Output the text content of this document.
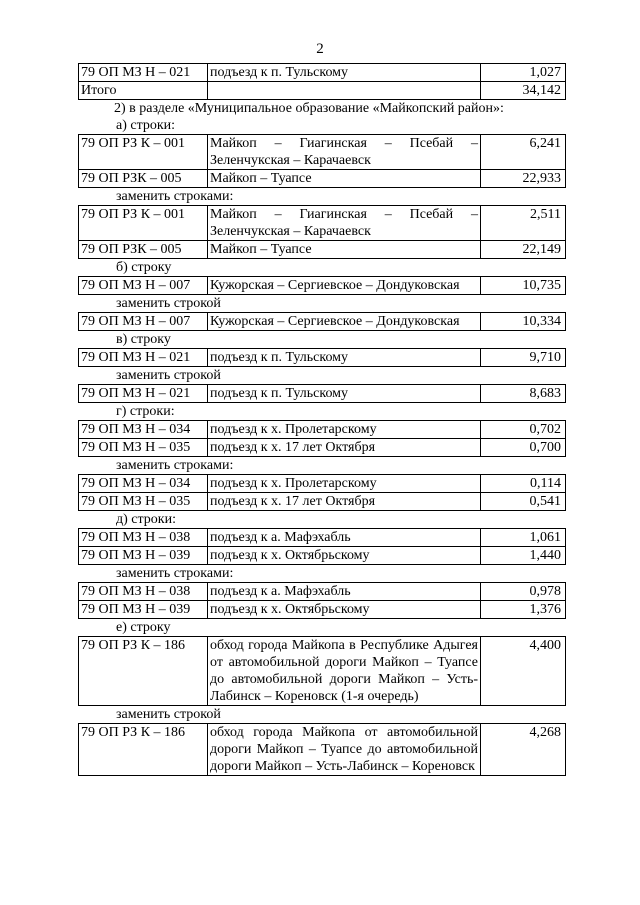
2
79 ОП МЗ Н – 021	подъезд к п. Тульскому	1,027
Итого		34,142
2) в разделе «Муниципальное образование «Майкопский район»:
а) строки:
79 ОП РЗ К – 001	Майкоп – Гиагинская – Псебай – Зеленчукская – Карачаевск	6,241
79 ОП РЗК – 005	Майкоп – Туапсе	22,933
заменить строками:
79 ОП РЗ К – 001	Майкоп – Гиагинская – Псебай – Зеленчукская – Карачаевск	2,511
79 ОП РЗК – 005	Майкоп – Туапсе	22,149
б) строку
79 ОП МЗ Н – 007	Кужорская – Сергиевское – Дондуковская	10,735
заменить строкой
79 ОП МЗ Н – 007	Кужорская – Сергиевское – Дондуковская	10,334
в) строку
79 ОП МЗ Н – 021	подъезд к п. Тульскому	9,710
заменить строкой
79 ОП МЗ Н – 021	подъезд к п. Тульскому	8,683
г) строки:
79 ОП МЗ Н – 034	подъезд к х. Пролетарскому	0,702
79 ОП МЗ Н – 035	подъезд к х. 17 лет Октября	0,700
заменить строками:
79 ОП МЗ Н – 034	подъезд к х. Пролетарскому	0,114
79 ОП МЗ Н – 035	подъезд к х. 17 лет Октября	0,541
д) строки:
79 ОП МЗ Н – 038	подъезд к а. Мафэхабль	1,061
79 ОП МЗ Н – 039	подъезд к х. Октябрьскому	1,440
заменить строками:
79 ОП МЗ Н – 038	подъезд к а. Мафэхабль	0,978
79 ОП МЗ Н – 039	подъезд к х. Октябрьскому	1,376
е) строку
79 ОП РЗ К – 186	обход города Майкопа в Республике Адыгея от автомобильной дороги Майкоп – Туапсе до автомобильной дороги Майкоп – Усть-Лабинск – Кореновск (1-я очередь)	4,400
заменить строкой
79 ОП РЗ К – 186	обход города Майкопа от автомобильной дороги Майкоп – Туапсе до автомобильной дороги Майкоп – Усть-Лабинск – Кореновск	4,268
